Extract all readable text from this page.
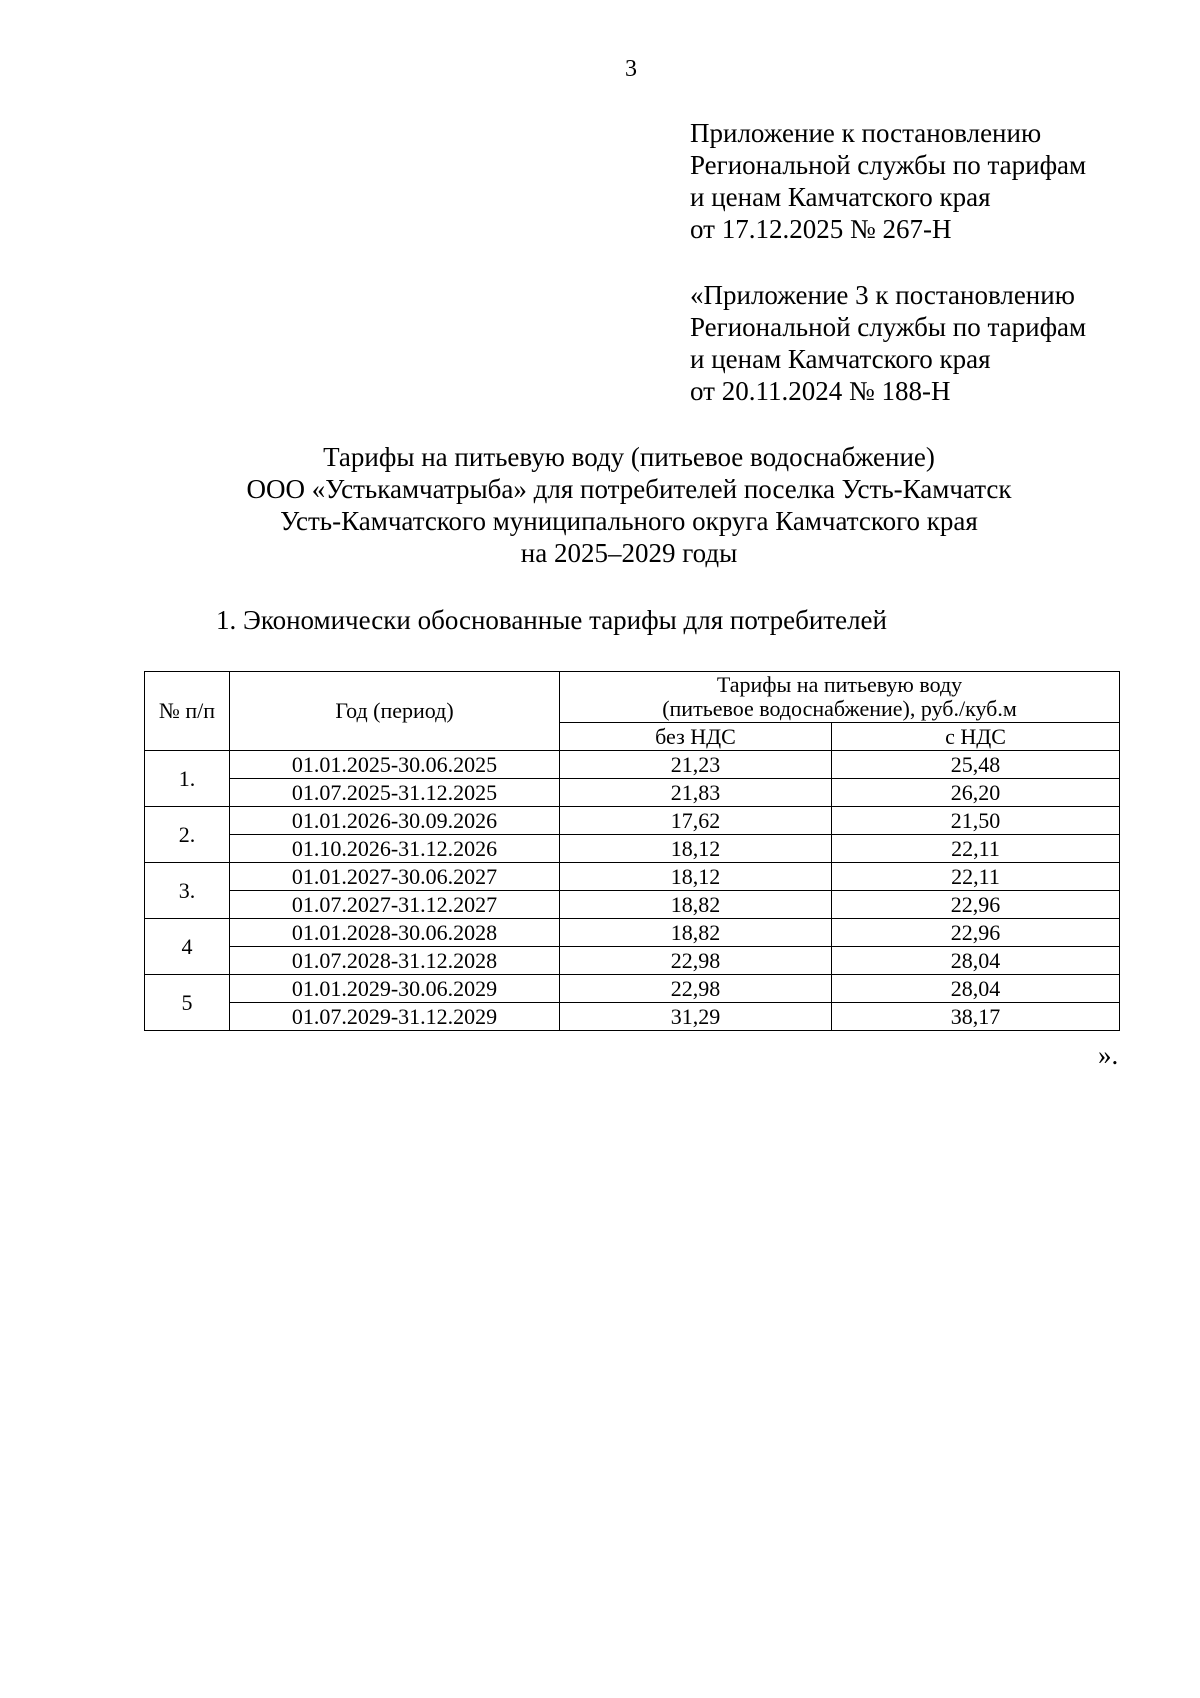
3
Приложение к постановлению
Региональной службы по тарифам
и ценам Камчатского края
от 17.12.2025 № 267-Н
«Приложение 3 к постановлению
Региональной службы по тарифам
и ценам Камчатского края
от 20.11.2024 № 188-Н
Тарифы на питьевую воду (питьевое водоснабжение)
ООО «Устькамчатрыба» для потребителей поселка Усть-Камчатск
Усть-Камчатского муниципального округа Камчатского края
на 2025–2029 годы
1. Экономически обоснованные тарифы для потребителей
№ п/п	Год (период)	Тарифы на питьевую воду
(питьевое водоснабжение), руб./куб.м	

		без НДС	с НДС
1.	01.01.2025-30.06.2025	21,23	25,48
	01.07.2025-31.12.2025	21,83	26,20
2.	01.01.2026-30.09.2026	17,62	21,50
	01.10.2026-31.12.2026	18,12	22,11
3.	01.01.2027-30.06.2027	18,12	22,11
	01.07.2027-31.12.2027	18,82	22,96
4	01.01.2028-30.06.2028	18,82	22,96
	01.07.2028-31.12.2028	22,98	28,04
5	01.01.2029-30.06.2029	22,98	28,04
	01.07.2029-31.12.2029	31,29	38,17
».
